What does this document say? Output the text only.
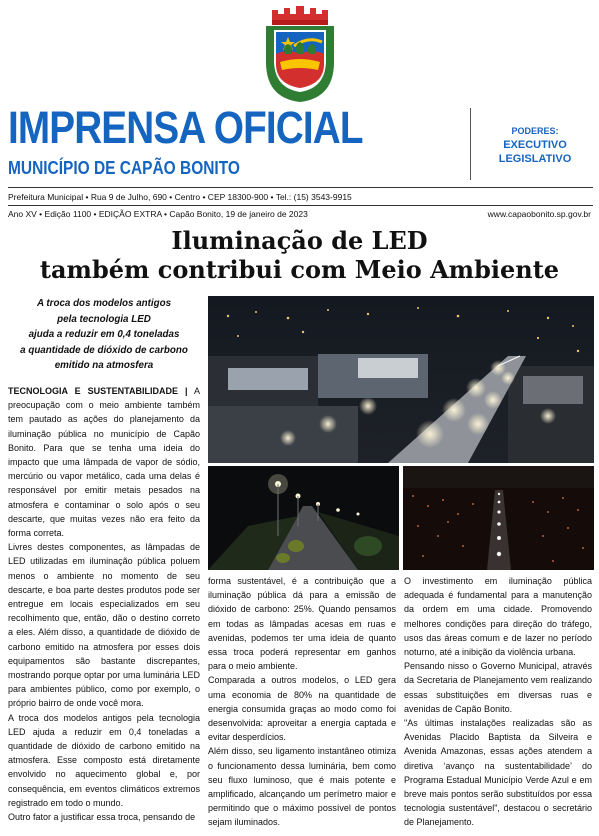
IMPRENSA OFICIAL
MUNICÍPIO DE CAPÃO BONITO
PODERES:
EXECUTIVO
LEGISLATIVO
Prefeitura Municipal • Rua 9 de Julho, 690 • Centro • CEP 18300-900 • Tel.: (15) 3543-9915
Ano XV • Edição 1100 • EDIÇÃO EXTRA • Capão Bonito, 19 de janeiro de 2023	www.capaobonito.sp.gov.br
Iluminação de LED
também contribui com Meio Ambiente
A troca dos modelos antigos
pela tecnologia LED
ajuda a reduzir em 0,4 toneladas
a quantidade de dióxido de carbono
emitido na atmosfera

TECNOLOGIA E SUSTENTABILIDADE | A preocupação com o meio ambiente também tem pautado as ações do planejamento da iluminação pública no município de Capão Bonito. Para que se tenha uma ideia do impacto que uma lâmpada de vapor de sódio, mercúrio ou vapor metálico, cada uma delas é responsável por emitir metais pesados na atmosfera e contaminar o solo após o seu descarte, que muitas vezes não era feito da forma correta.

Livres destes componentes, as lâmpadas de LED utilizadas em iluminação pública poluem menos o ambiente no momento de seu descarte, e boa parte destes produtos pode ser entregue em locais especializados em seu recolhimento que, então, dão o destino correto a eles. Além disso, a quantidade de dióxido de carbono emitido na atmosfera por esses dois equipamentos são bastante discrepantes, mostrando porque optar por uma luminária LED para ambientes público, como por exemplo, o próprio bairro de onde você mora.

A troca dos modelos antigos pela tecnologia LED ajuda a reduzir em 0,4 toneladas a quantidade de dióxido de carbono emitido na atmosfera. Esse composto está diretamente envolvido no aquecimento global e, por consequência, em eventos climáticos extremos registrado em todo o mundo.

Outro fator a justificar essa troca, pensando de

forma sustentável, é a contribuição que a iluminação pública dá para a emissão de dióxido de carbono: 25%. Quando pensamos em todas as lâmpadas acesas em ruas e avenidas, podemos ter uma ideia de quanto essa troca poderá representar em ganhos para o meio ambiente.

Comparada a outros modelos, o LED gera uma economia de 80% na quantidade de energia consumida graças ao modo como foi desenvolvida: aproveitar a energia captada e evitar desperdícios.

Além disso, seu ligamento instantâneo otimiza o funcionamento dessa luminária, bem como seu fluxo luminoso, que é mais potente e amplificado, alcançando um perímetro maior e permitindo que o máximo possível de pontos sejam iluminados.

O investimento em iluminação pública adequada é fundamental para a manutenção da ordem em uma cidade. Promovendo melhores condições para direção do tráfego, usos das áreas comum e de lazer no período noturno, até a inibição da violência urbana.

Pensando nisso o Governo Municipal, através da Secretaria de Planejamento vem realizando essas substituições em diversas ruas e avenidas de Capão Bonito.

"As últimas instalações realizadas são as Avenidas Placido Baptista da Silveira e Avenida Amazonas, essas ações atendem a diretiva ‘avanço na sustentabilidade’ do Programa Estadual Município Verde Azul e em breve mais pontos serão substituídos por essa tecnologia sustentável", destacou o secretário de Planejamento.
